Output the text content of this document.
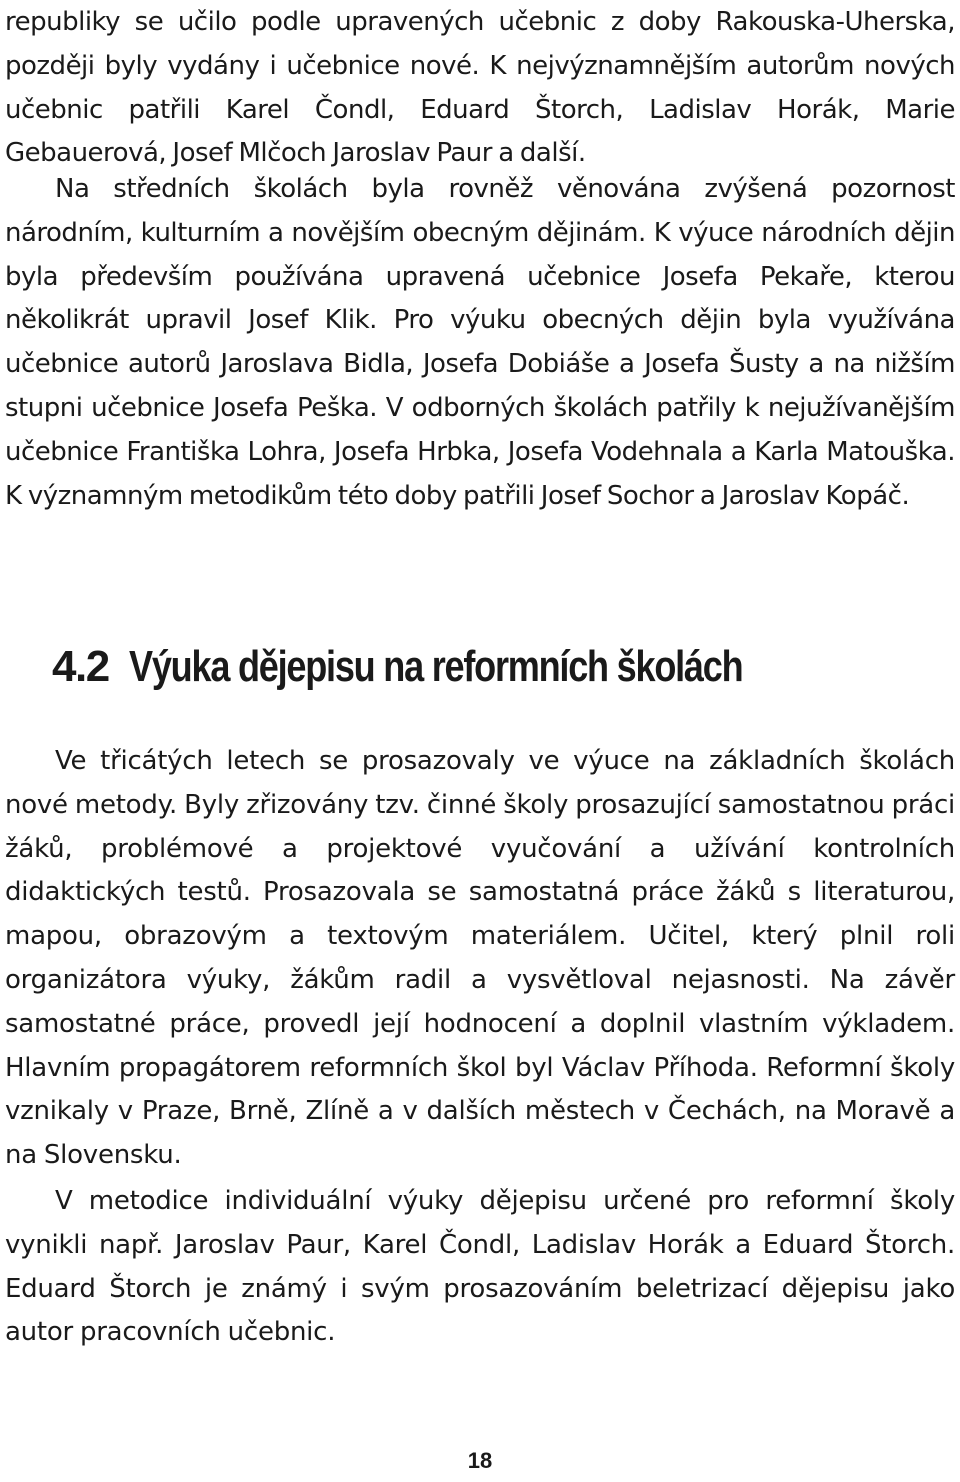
republiky se učilo podle upravených učebnic z doby Rakouska-Uherska, později byly vydány i učebnice nové. K nejvýznamnějším autorům nových učebnic patřili Karel Čondl, Eduard Štorch, Ladislav Horák, Marie Gebauerová, Josef Mlčoch Jaroslav Paur a další.

Na středních školách byla rovněž věnována zvýšená pozornost národním, kulturním a novějším obecným dějinám. K výuce národních dějin byla především používána upravená učebnice Josefa Pekaře, kterou několikrát upravil Josef Klik. Pro výuku obecných dějin byla využívána učebnice autorů Jaroslava Bidla, Josefa Dobiáše a Josefa Šusty a na nižším stupni učebnice Josefa Peška. V odborných školách patřily k nejužívanějším učebnice Františka Lohra, Josefa Hrbka, Josefa Vodehnala a Karla Matouška. K významným metodikům této doby patřili Josef Sochor a Jaroslav Kopáč.

4.2 Výuka dějepisu na reformních školách

Ve třicátých letech se prosazovaly ve výuce na základních školách nové metody. Byly zřizovány tzv. činné školy prosazující samostatnou práci žáků, problémové a projektové vyučování a užívání kontrolních didaktických testů. Prosazovala se samostatná práce žáků s literaturou, mapou, obrazovým a textovým materiálem. Učitel, který plnil roli organizátora výuky, žákům radil a vysvětloval nejasnosti. Na závěr samostatné práce, provedl její hodnocení a doplnil vlastním výkladem. Hlavním propagátorem reformních škol byl Václav Příhoda. Reformní školy vznikaly v Praze, Brně, Zlíně a v dalších městech v Čechách, na Moravě a na Slovensku.

V metodice individuální výuky dějepisu určené pro reformní školy vynikli např. Jaroslav Paur, Karel Čondl, Ladislav Horák a Eduard Štorch. Eduard Štorch je známý i svým prosazováním beletrizací dějepisu jako autor pracovních učebnic.

18
